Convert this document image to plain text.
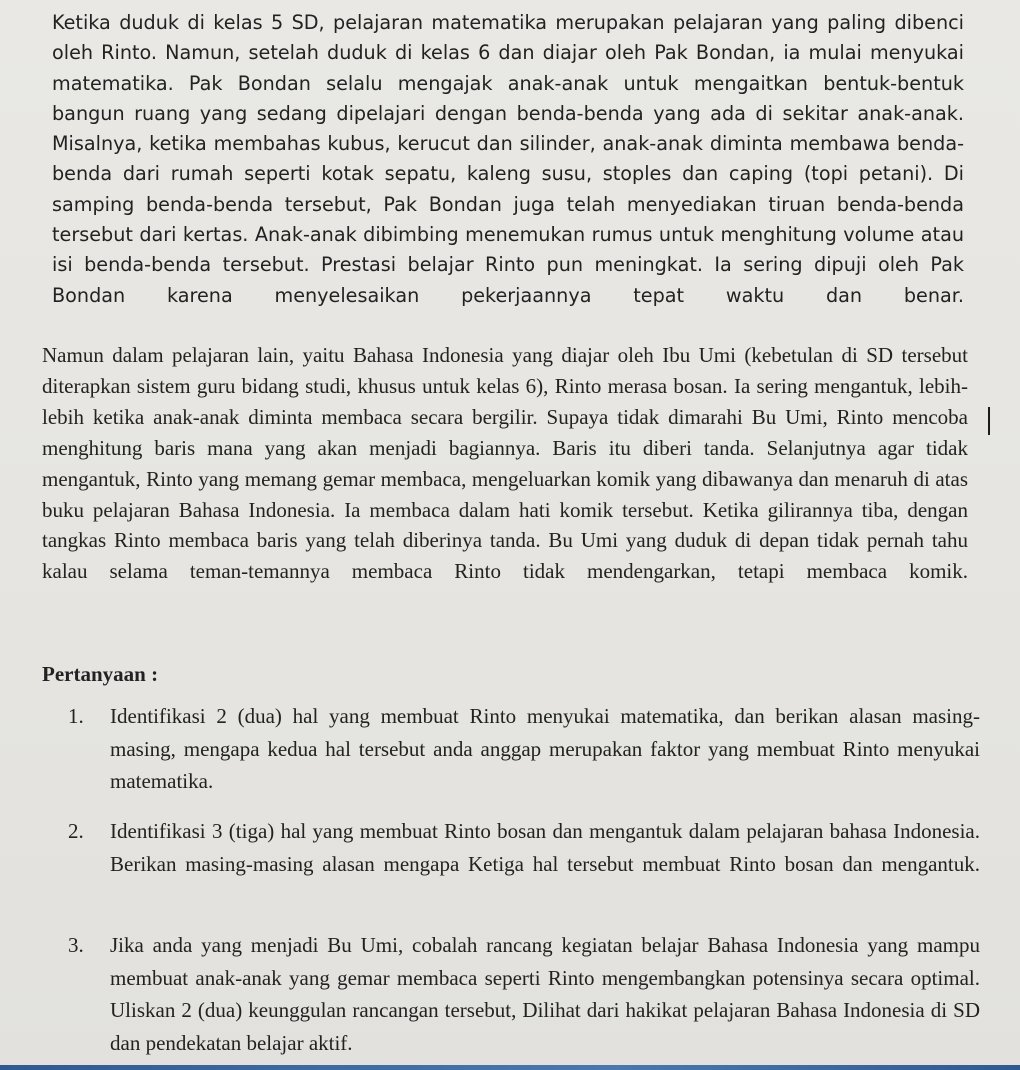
Ketika duduk di kelas 5 SD, pelajaran matematika merupakan pelajaran yang paling dibenci oleh Rinto. Namun, setelah duduk di kelas 6 dan diajar oleh Pak Bondan, ia mulai menyukai matematika. Pak Bondan selalu mengajak anak-anak untuk mengaitkan bentuk-bentuk bangun ruang yang sedang dipelajari dengan benda-benda yang ada di sekitar anak-anak. Misalnya, ketika membahas kubus, kerucut dan silinder, anak-anak diminta membawa benda-benda dari rumah seperti kotak sepatu, kaleng susu, stoples dan caping (topi petani). Di samping benda-benda tersebut, Pak Bondan juga telah menyediakan tiruan benda-benda tersebut dari kertas. Anak-anak dibimbing menemukan rumus untuk menghitung volume atau isi benda-benda tersebut. Prestasi belajar Rinto pun meningkat. Ia sering dipuji oleh Pak Bondan karena menyelesaikan pekerjaannya tepat waktu dan benar.
Namun dalam pelajaran lain, yaitu Bahasa Indonesia yang diajar oleh Ibu Umi (kebetulan di SD tersebut diterapkan sistem guru bidang studi, khusus untuk kelas 6), Rinto merasa bosan. Ia sering mengantuk, lebih-lebih ketika anak-anak diminta membaca secara bergilir. Supaya tidak dimarahi Bu Umi, Rinto mencoba menghitung baris mana yang akan menjadi bagiannya. Baris itu diberi tanda. Selanjutnya agar tidak mengantuk, Rinto yang memang gemar membaca, mengeluarkan komik yang dibawanya dan menaruh di atas buku pelajaran Bahasa Indonesia. Ia membaca dalam hati komik tersebut. Ketika gilirannya tiba, dengan tangkas Rinto membaca baris yang telah diberinya tanda. Bu Umi yang duduk di depan tidak pernah tahu kalau selama teman-temannya membaca Rinto tidak mendengarkan, tetapi membaca komik.
Pertanyaan :
1. Identifikasi 2 (dua) hal yang membuat Rinto menyukai matematika, dan berikan alasan masing-masing, mengapa kedua hal tersebut anda anggap merupakan faktor yang membuat Rinto menyukai matematika.
2. Identifikasi 3 (tiga) hal yang membuat Rinto bosan dan mengantuk dalam pelajaran bahasa Indonesia. Berikan masing-masing alasan mengapa Ketiga hal tersebut membuat Rinto bosan dan mengantuk.
3. Jika anda yang menjadi Bu Umi, cobalah rancang kegiatan belajar Bahasa Indonesia yang mampu membuat anak-anak yang gemar membaca seperti Rinto mengembangkan potensinya secara optimal. Uliskan 2 (dua) keunggulan rancangan tersebut, Dilihat dari hakikat pelajaran Bahasa Indonesia di SD dan pendekatan belajar aktif.
